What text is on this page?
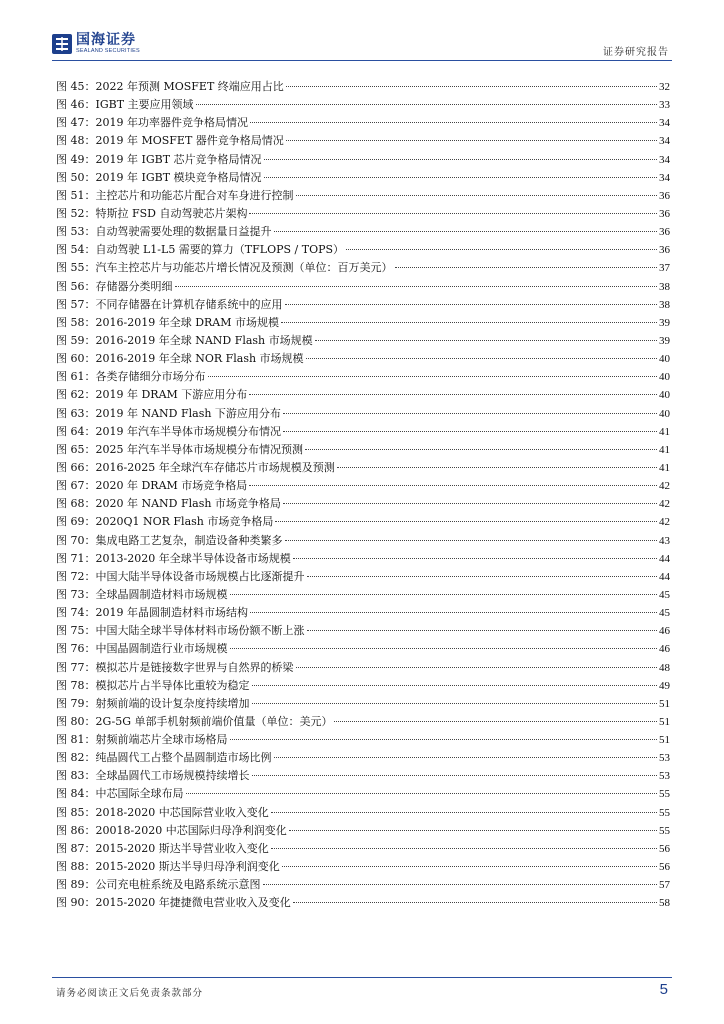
国海证券
SEALAND SECURITIES	证券研究报告
图 45：2022 年预测 MOSFET 终端应用占比	32
图 46：IGBT 主要应用领域	33
图 47：2019 年功率器件竞争格局情况	34
图 48：2019 年 MOSFET 器件竞争格局情况	34
图 49：2019 年 IGBT 芯片竞争格局情况	34
图 50：2019 年 IGBT 模块竞争格局情况	34
图 51：主控芯片和功能芯片配合对车身进行控制	36
图 52：特斯拉 FSD 自动驾驶芯片架构	36
图 53：自动驾驶需要处理的数据量日益提升	36
图 54：自动驾驶 L1-L5 需要的算力（TFLOPS / TOPS）	36
图 55：汽车主控芯片与功能芯片增长情况及预测（单位：百万美元）	37
图 56：存储器分类明细	38
图 57：不同存储器在计算机存储系统中的应用	38
图 58：2016-2019 年全球 DRAM 市场规模	39
图 59：2016-2019 年全球 NAND Flash 市场规模	39
图 60：2016-2019 年全球 NOR Flash 市场规模	40
图 61：各类存储细分市场分布	40
图 62：2019 年 DRAM 下游应用分布	40
图 63：2019 年 NAND Flash 下游应用分布	40
图 64：2019 年汽车半导体市场规模分布情况	41
图 65：2025 年汽车半导体市场规模分布情况预测	41
图 66：2016-2025 年全球汽车存储芯片市场规模及预测	41
图 67：2020 年 DRAM 市场竞争格局	42
图 68：2020 年 NAND Flash 市场竞争格局	42
图 69：2020Q1 NOR Flash 市场竞争格局	42
图 70：集成电路工艺复杂，制造设备种类繁多	43
图 71：2013-2020 年全球半导体设备市场规模	44
图 72：中国大陆半导体设备市场规模占比逐渐提升	44
图 73：全球晶圆制造材料市场规模	45
图 74：2019 年晶圆制造材料市场结构	45
图 75：中国大陆全球半导体材料市场份额不断上涨	46
图 76：中国晶圆制造行业市场规模	46
图 77：模拟芯片是链接数字世界与自然界的桥梁	48
图 78：模拟芯片占半导体比重较为稳定	49
图 79：射频前端的设计复杂度持续增加	51
图 80：2G-5G 单部手机射频前端价值量（单位：美元）	51
图 81：射频前端芯片全球市场格局	51
图 82：纯晶圆代工占整个晶圆制造市场比例	53
图 83：全球晶圆代工市场规模持续增长	53
图 84：中芯国际全球布局	55
图 85：2018-2020 中芯国际营业收入变化	55
图 86：20018-2020 中芯国际归母净利润变化	55
图 87：2015-2020 斯达半导营业收入变化	56
图 88：2015-2020 斯达半导归母净利润变化	56
图 89：公司充电桩系统及电路系统示意图	57
图 90：2015-2020 年捷捷微电营业收入及变化	58
请务必阅读正文后免责条款部分	5
